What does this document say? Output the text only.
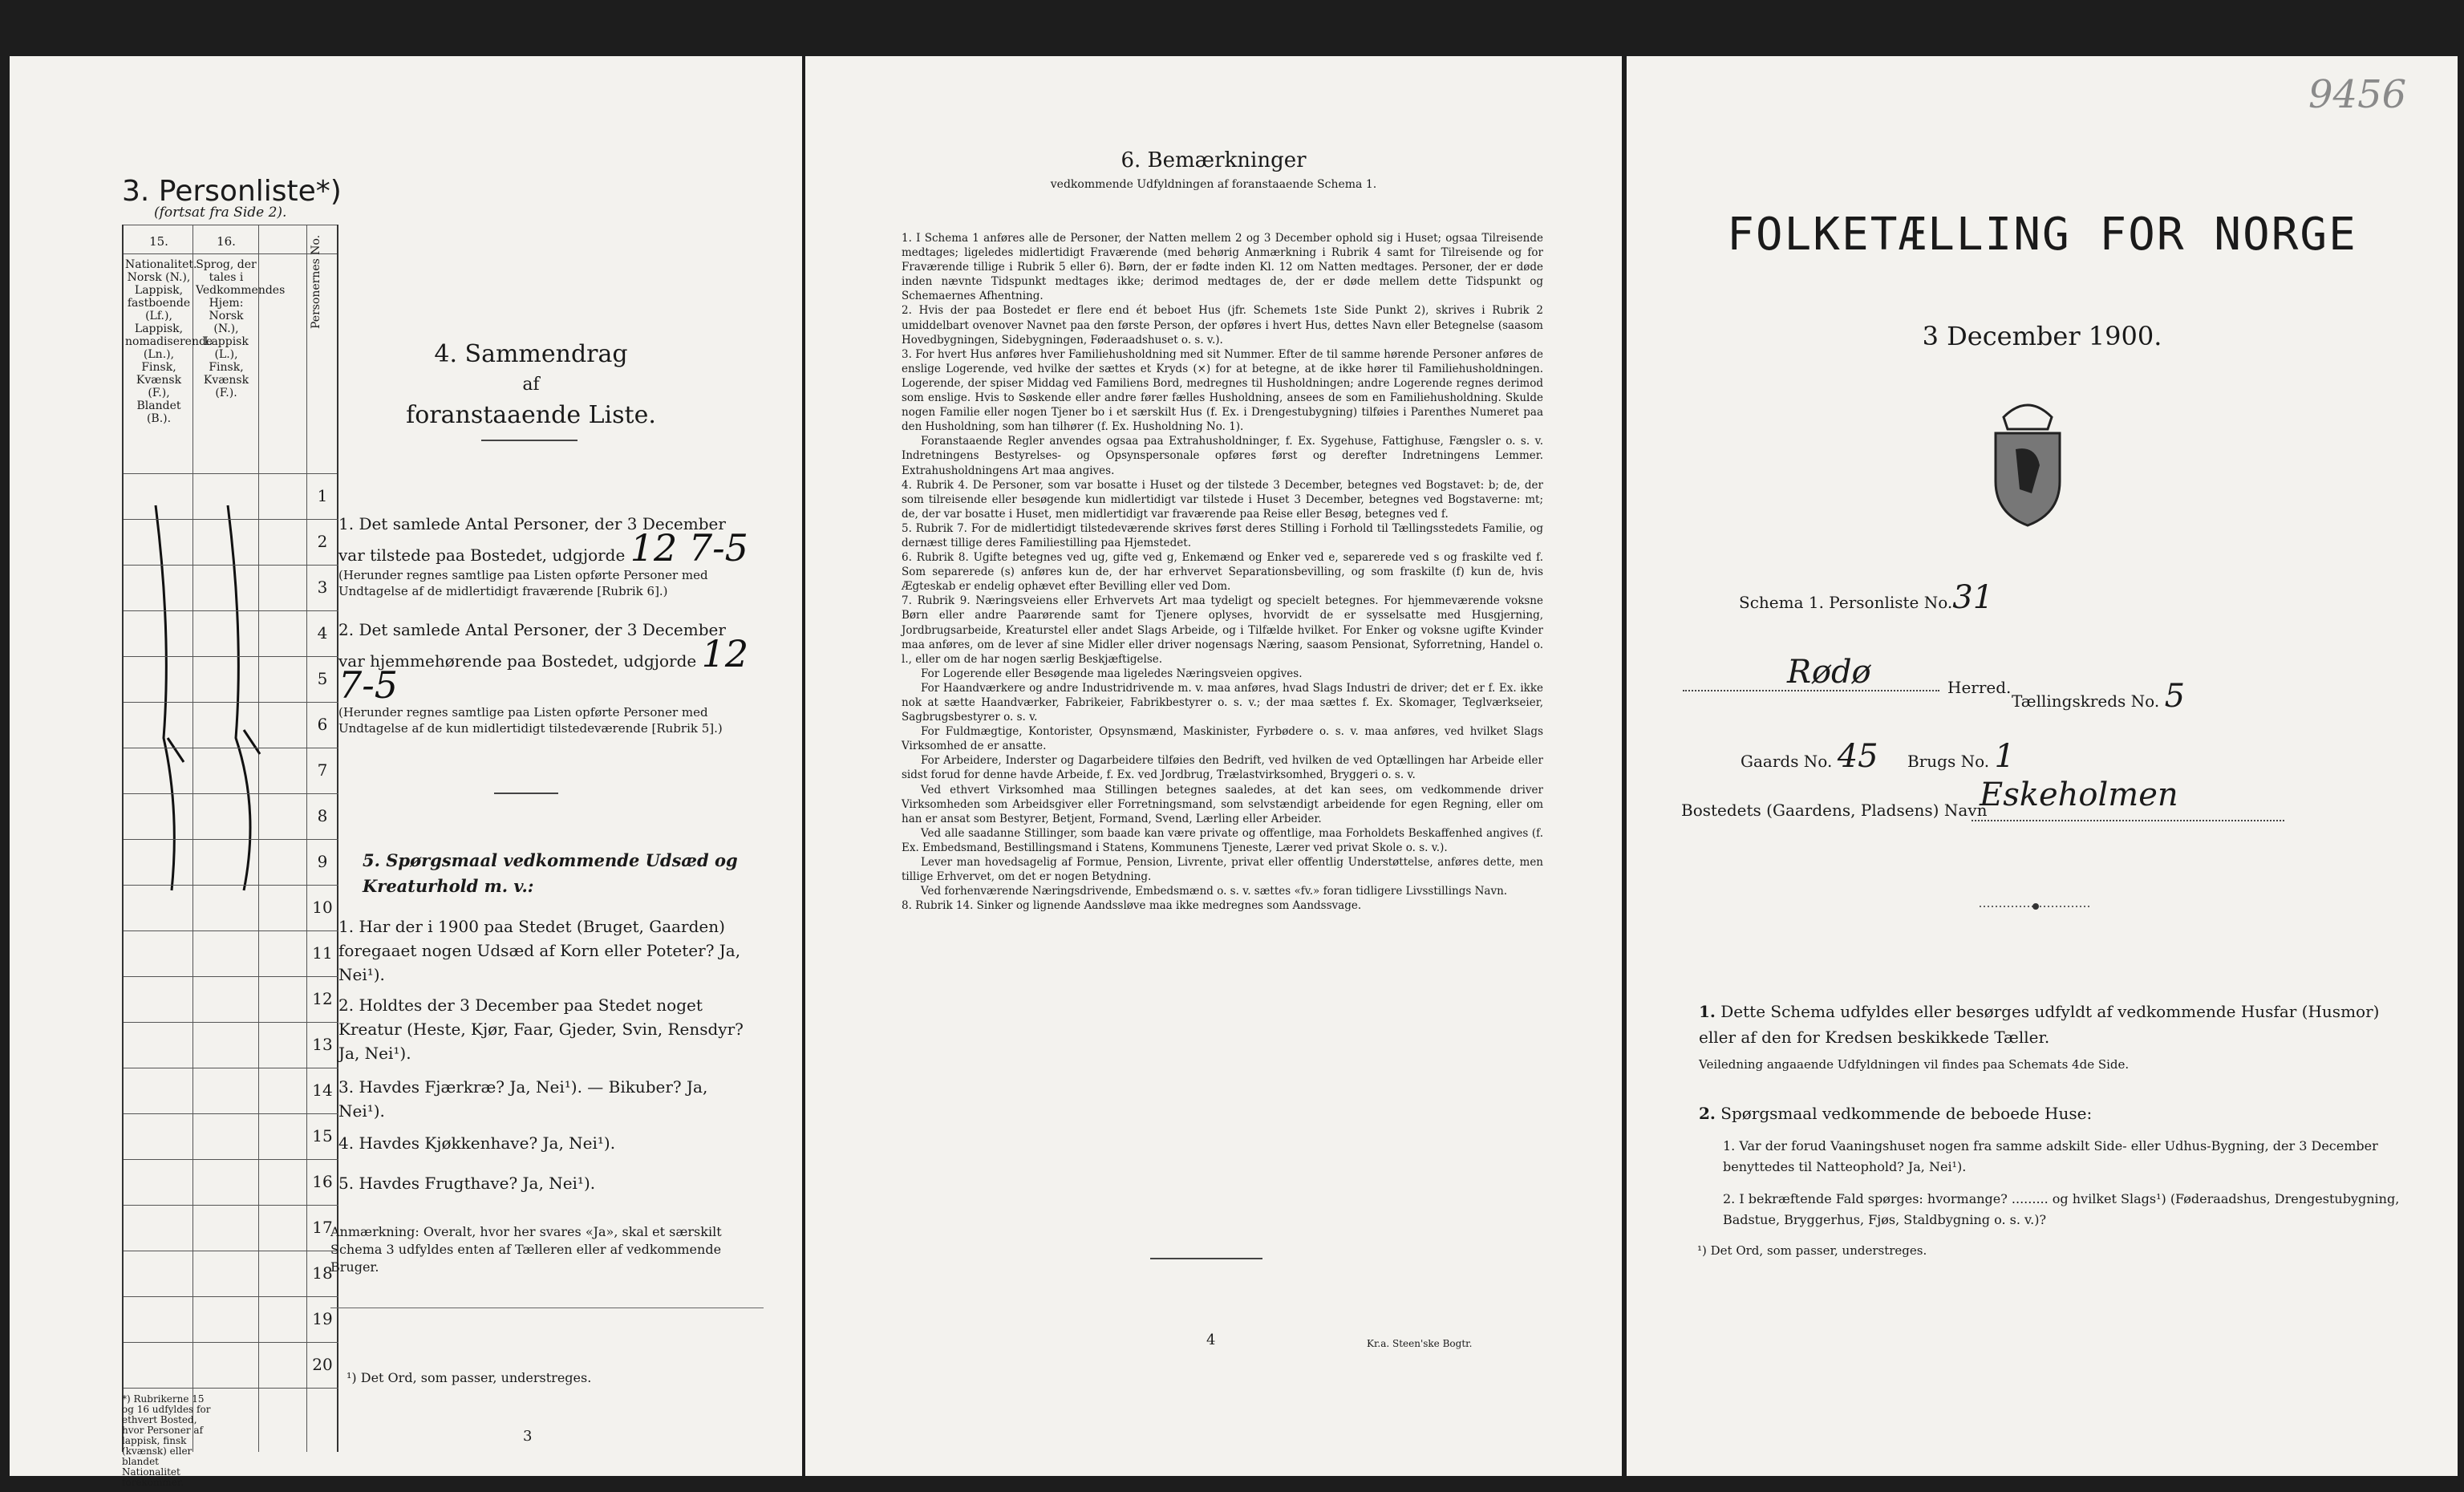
3. Personliste*)
(fortsat fra Side 2).
15.	16.
Nationalitet. Norsk (N.), Lappisk, fastboende (Lf.), Lappisk, nomadiserende (Ln.), Finsk, Kvænsk (F.), Blandet (B.).
Sprog, der tales i Vedkommendes Hjem: Norsk (N.), Lappisk (L.), Finsk, Kvænsk (F.).
Personernes No.
1
2
3
4
5
6
7
8
9
10
11
12
13
14
15
16
17
18
19
20
*) Rubrikerne 15 og 16 udfyldes for ethvert Bosted, hvor Personer af lappisk, finsk (kvænsk) eller blandet Nationalitet forekommer.
4. Sammendrag
af
foranstaaende Liste.
1. Det samlede Antal Personer, der 3 December var tilstede paa Bostedet, udgjorde 12 7-5
(Herunder regnes samtlige paa Listen opførte Personer med Undtagelse af de midlertidigt fraværende [Rubrik 6].)
2. Det samlede Antal Personer, der 3 December var hjemmehørende paa Bostedet, udgjorde 12 7-5
(Herunder regnes samtlige paa Listen opførte Personer med Undtagelse af de kun midlertidigt tilstedeværende [Rubrik 5].)
5. Spørgsmaal vedkommende Udsæd og Kreaturhold m. v.:
1. Har der i 1900 paa Stedet (Bruget, Gaarden) foregaaet nogen Udsæd af Korn eller Poteter? Ja, Nei¹).
2. Holdtes der 3 December paa Stedet noget Kreatur (Heste, Kjør, Faar, Gjeder, Svin, Rensdyr? Ja, Nei¹).
3. Havdes Fjærkræ? Ja, Nei¹). — Bikuber? Ja, Nei¹).
4. Havdes Kjøkkenhave? Ja, Nei¹).
5. Havdes Frugthave? Ja, Nei¹).
Anmærkning: Overalt, hvor her svares «Ja», skal et særskilt Schema 3 udfyldes enten af Tælleren eller af vedkommende Bruger.
¹) Det Ord, som passer, understreges.
3
6. Bemærkninger
vedkommende Udfyldningen af foranstaaende Schema 1.

1. I Schema 1 anføres alle de Personer, der Natten mellem 2 og 3 December ophold sig i Huset; ogsaa Tilreisende medtages; ligeledes midlertidigt Fraværende (med behørig Anmærkning i Rubrik 4 samt for Tilreisende og for Fraværende tillige i Rubrik 5 eller 6). Børn, der er fødte inden Kl. 12 om Natten medtages. Personer, der er døde inden nævnte Tidspunkt medtages ikke; derimod medtages de, der er døde mellem dette Tidspunkt og Schemaernes Afhentning.

2. Hvis der paa Bostedet er flere end ét beboet Hus (jfr. Schemets 1ste Side Punkt 2), skrives i Rubrik 2 umiddelbart ovenover Navnet paa den første Person, der opføres i hvert Hus, dettes Navn eller Betegnelse (saasom Hovedbygningen, Sidebygningen, Føderaadshuset o. s. v.).

3. For hvert Hus anføres hver Familiehusholdning med sit Nummer. Efter de til samme hørende Personer anføres de enslige Logerende, ved hvilke der sættes et Kryds (×) for at betegne, at de ikke hører til Familiehusholdningen. Logerende, der spiser Middag ved Familiens Bord, medregnes til Husholdningen; andre Logerende regnes derimod som enslige. Hvis to Søskende eller andre fører fælles Husholdning, ansees de som en Familiehusholdning. Skulde nogen Familie eller nogen Tjener bo i et særskilt Hus (f. Ex. i Drengestubygning) tilføies i Parenthes Numeret paa den Husholdning, som han tilhører (f. Ex. Husholdning No. 1).

Foranstaaende Regler anvendes ogsaa paa Extrahusholdninger, f. Ex. Sygehuse, Fattighuse, Fængsler o. s. v. Indretningens Bestyrelses- og Opsynspersonale opføres først og derefter Indretningens Lemmer. Extrahusholdningens Art maa angives.

4. Rubrik 4. De Personer, som var bosatte i Huset og der tilstede 3 December, betegnes ved Bogstavet: b; de, der som tilreisende eller besøgende kun midlertidigt var tilstede i Huset 3 December, betegnes ved Bogstaverne: mt; de, der var bosatte i Huset, men midlertidigt var fraværende paa Reise eller Besøg, betegnes ved f.

5. Rubrik 7. For de midlertidigt tilstedeværende skrives først deres Stilling i Forhold til Tællingsstedets Familie, og dernæst tillige deres Familiestilling paa Hjemstedet.

6. Rubrik 8. Ugifte betegnes ved ug, gifte ved g, Enkemænd og Enker ved e, separerede ved s og fraskilte ved f. Som separerede (s) anføres kun de, der har erhvervet Separationsbevilling, og som fraskilte (f) kun de, hvis Ægteskab er endelig ophævet efter Bevilling eller ved Dom.

7. Rubrik 9. Næringsveiens eller Erhvervets Art maa tydeligt og specielt betegnes. For hjemmeværende voksne Børn eller andre Paarørende samt for Tjenere oplyses, hvorvidt de er sysselsatte med Husgjerning, Jordbrugsarbeide, Kreaturstel eller andet Slags Arbeide, og i Tilfælde hvilket. For Enker og voksne ugifte Kvinder maa anføres, om de lever af sine Midler eller driver nogensags Næring, saasom Pensionat, Syforretning, Handel o. l., eller om de har nogen særlig Beskjæftigelse.

For Logerende eller Besøgende maa ligeledes Næringsveien opgives.

For Haandværkere og andre Industridrivende m. v. maa anføres, hvad Slags Industri de driver; det er f. Ex. ikke nok at sætte Haandværker, Fabrikeier, Fabrikbestyrer o. s. v.; der maa sættes f. Ex. Skomager, Teglværkseier, Sagbrugsbestyrer o. s. v.

For Fuldmægtige, Kontorister, Opsynsmænd, Maskinister, Fyrbødere o. s. v. maa anføres, ved hvilket Slags Virksomhed de er ansatte.

For Arbeidere, Inderster og Dagarbeidere tilføies den Bedrift, ved hvilken de ved Optællingen har Arbeide eller sidst forud for denne havde Arbeide, f. Ex. ved Jordbrug, Trælastvirksomhed, Bryggeri o. s. v.

Ved ethvert Virksomhed maa Stillingen betegnes saaledes, at det kan sees, om vedkommende driver Virksomheden som Arbeidsgiver eller Forretningsmand, som selvstændigt arbeidende for egen Regning, eller om han er ansat som Bestyrer, Betjent, Formand, Svend, Lærling eller Arbeider.

Ved alle saadanne Stillinger, som baade kan være private og offentlige, maa Forholdets Beskaffenhed angives (f. Ex. Embedsmand, Bestillingsmand i Statens, Kommunens Tjeneste, Lærer ved privat Skole o. s. v.).

Lever man hovedsagelig af Formue, Pension, Livrente, privat eller offentlig Understøttelse, anføres dette, men tillige Erhvervet, om det er nogen Betydning.

Ved forhenværende Næringsdrivende, Embedsmænd o. s. v. sættes «fv.» foran tidligere Livsstillings Navn.

8. Rubrik 14. Sinker og lignende Aandssløve maa ikke medregnes som Aandssvage.

4	Kr.a. Steen'ske Bogtr.
9456
FOLKETÆLLING FOR NORGE
3 December 1900.
Schema 1. Personliste No.31
Rødø	Herred.
Tællingskreds No. 5
Gaards No. 45 Brugs No. 1
Bostedets (Gaardens, Pladsens) Navn
Eskeholmen
1. Dette Schema udfyldes eller besørges udfyldt af vedkommende Husfar (Husmor) eller af den for Kredsen beskikkede Tæller.
Veiledning angaaende Udfyldningen vil findes paa Schemats 4de Side.
2. Spørgsmaal vedkommende de beboede Huse:
1. Var der forud Vaaningshuset nogen fra samme adskilt Side- eller Udhus-Bygning, der 3 December benyttedes til Natteophold? Ja, Nei¹).
2. I bekræftende Fald spørges: hvormange? ......... og hvilket Slags¹) (Føderaadshus, Drengestubygning, Badstue, Bryggerhus, Fjøs, Staldbygning o. s. v.)?
¹) Det Ord, som passer, understreges.
